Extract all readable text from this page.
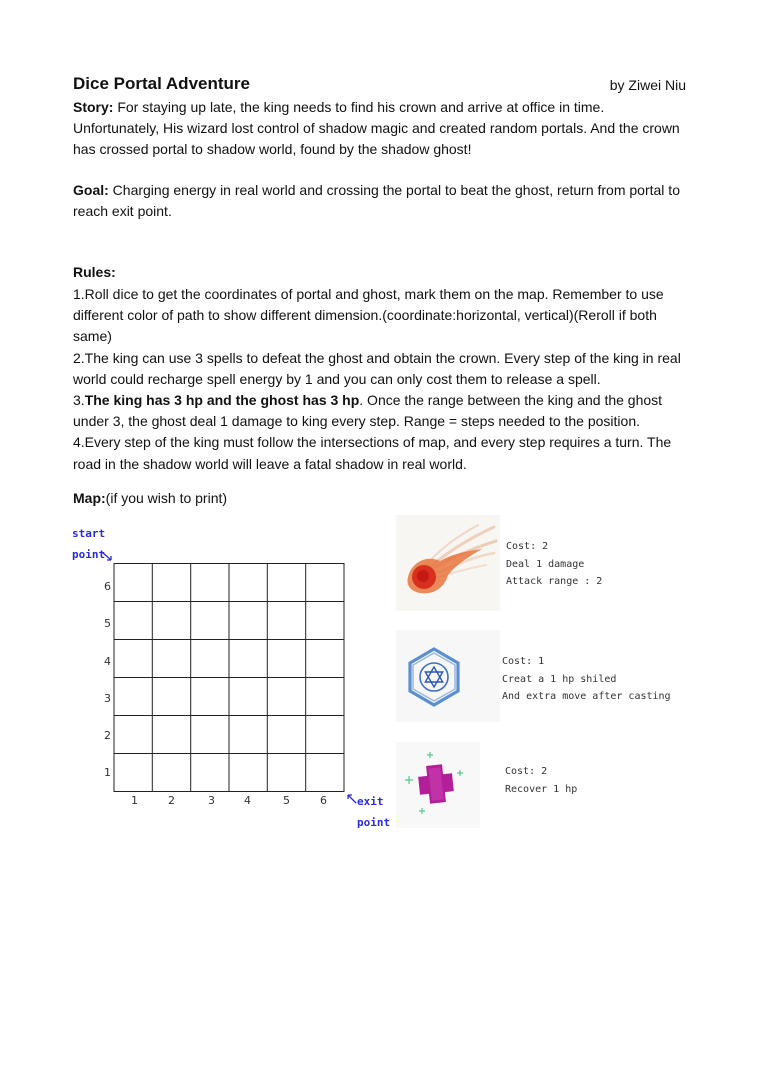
Dice Portal Adventure	by Ziwei Niu
Story: For staying up late, the king needs to find his crown and arrive at office in time. Unfortunately, His wizard lost control of shadow magic and created random portals. And the crown has crossed portal to shadow world, found by the shadow ghost!
Goal: Charging energy in real world and crossing the portal to beat the ghost, return from portal to reach exit point.
Rules:
1.Roll dice to get the coordinates of portal and ghost, mark them on the map. Remember to use different color of path to show different dimension.(coordinate:horizontal, vertical)(Reroll if both same)
2.The king can use 3 spells to defeat the ghost and obtain the crown. Every step of the king in real world could recharge spell energy by 1 and you can only cost them to release a spell.
3.The king has 3 hp and the ghost has 3 hp. Once the range between the king and the ghost under 3, the ghost deal 1 damage to king every step. Range = steps needed to the position.
4.Every step of the king must follow the intersections of map, and every step requires a turn. The road in the shadow world will leave a fatal shadow in real world.
Map:(if you wish to print)
start
point
exit
point
6
5
4
3
2
1
1	2	3	4	5	6
Cost: 2
Deal 1 damage
Attack range : 2
Cost: 1
Creat a 1 hp shiled
And extra move after casting
Cost: 2
Recover 1 hp
